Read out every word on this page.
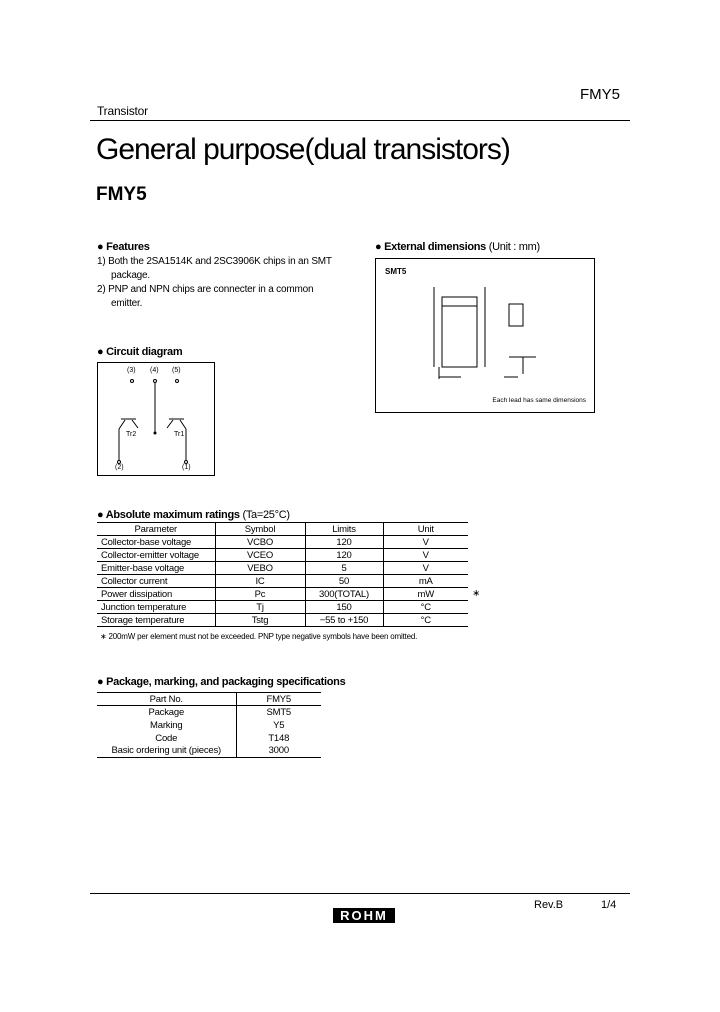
Transistor
FMY5
General purpose(dual transistors)
FMY5
● Features
1) Both the 2SA1514K and 2SC3906K chips in an SMT
package.
2) PNP and NPN chips are connecter in a common
emitter.
● Circuit diagram
(3) (4) (5)
(2)	(1)
Tr2	Tr1
● External dimensions (Unit : mm)
SMT5
Each lead has same dimensions
● Absolute maximum ratings (Ta=25°C)
Parameter	Symbol	Limits	Unit
Collector-base voltage	VCBO	120	V

Collector-emitter voltage	VCEO	120	V

Emitter-base voltage	VEBO	5	V

Collector current	IC	50	mA

Power dissipation	Pc	300(TOTAL)	mW ∗

Junction temperature	Tj	150	°C

Storage temperature	Tstg	−55 to +150	°C
∗ 200mW per element must not be exceeded. PNP type negative symbols have been omitted.
● Package, marking, and packaging specifications
Part No.	FMY5
Package	SMT5
Marking	Y5
Code	T148
Basic ordering unit (pieces)	3000
Rev.B	1/4
ROHM
